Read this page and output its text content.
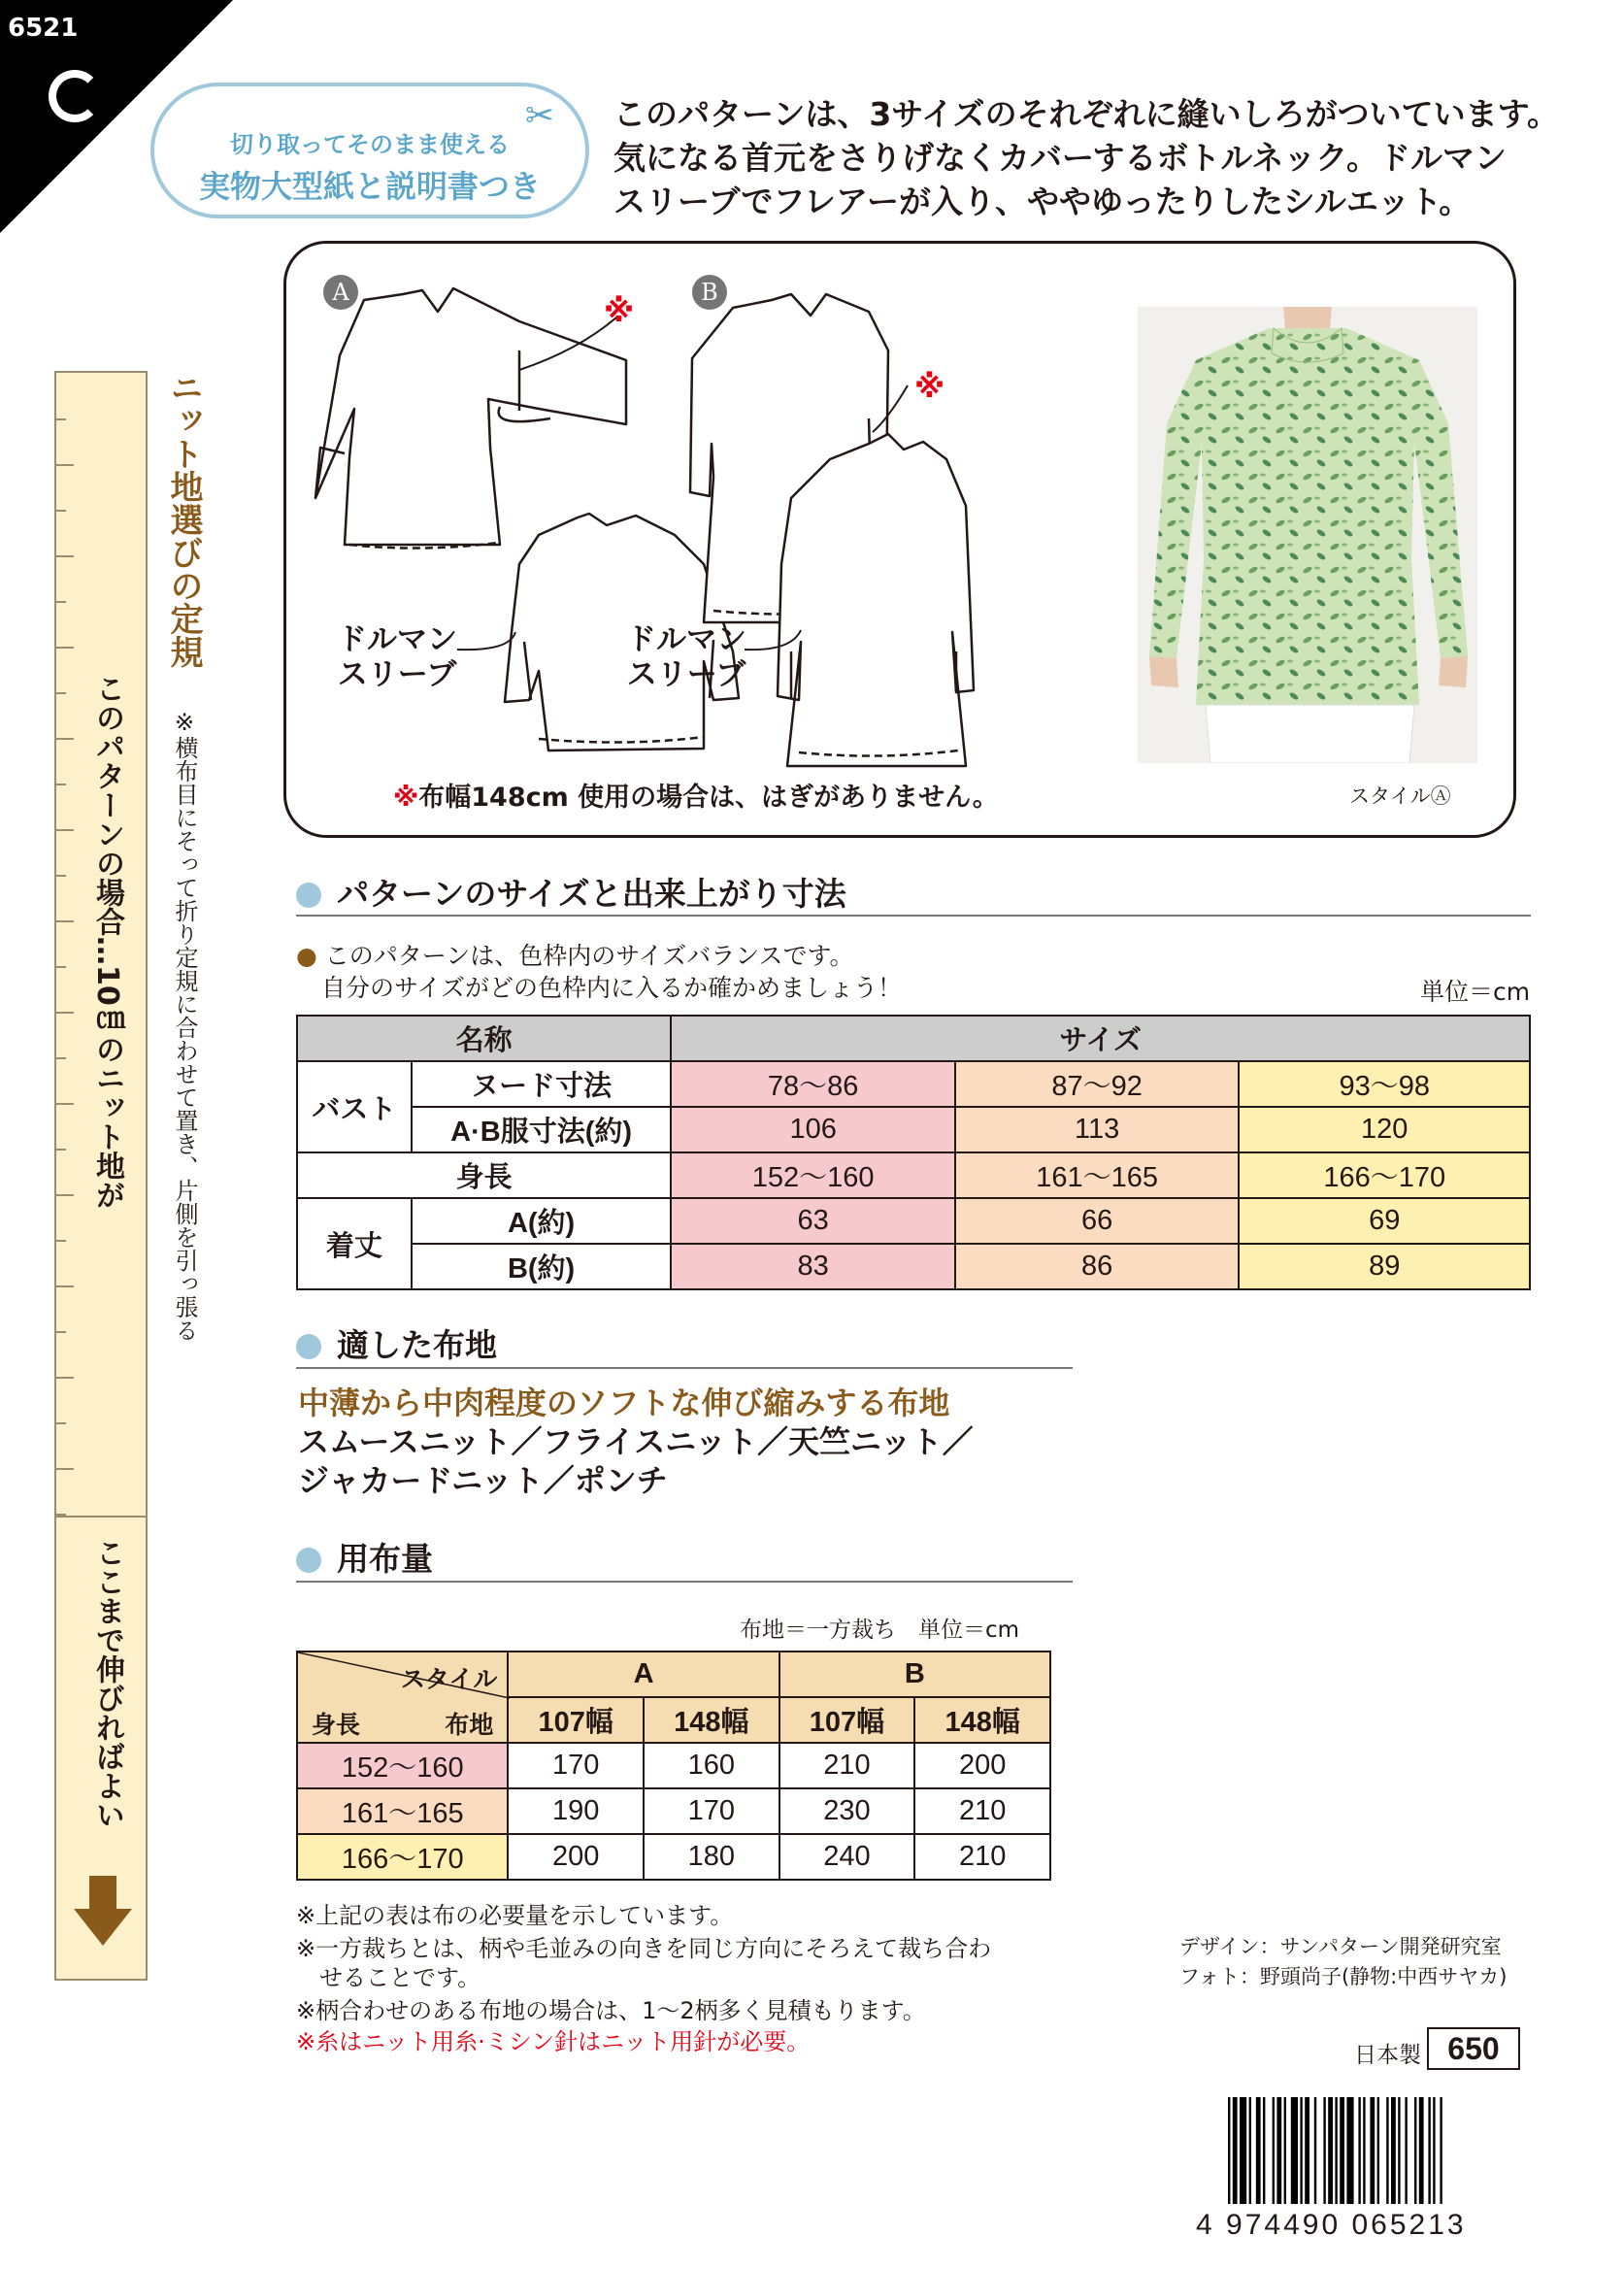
6521
✂
切り取ってそのまま使える
実物大型紙と説明書つき
このパターンは、3サイズのそれぞれに縫いしろがついています。
気になる首元をさりげなくカバーするボトルネック。ドルマン
スリーブでフレアーが入り、ややゆったりしたシルエット。
A	B
※
※
ドルマン
スリーブ
ドルマン
スリーブ
※布幅148cm 使用の場合は、はぎがありません。	スタイルⒶ
このパターンの場合…10㎝のニット地が
ここまで伸びればよい
ニット地選びの定規
※横布目にそって折り定規に合わせて置き、片側を引っ張る	パターンのサイズと出来上がり寸法
● このパターンは、色枠内のサイズバランスです。
自分のサイズがどの色枠内に入るか確かめましょう！	単位＝cm
名称		サイズ		
バスト	ヌード寸法	78〜86	87〜92	93〜98
	A·B服寸法(約)	106	113	120
身長		152〜160	161〜165	166〜170
着丈	A(約)	63	66	69
	B(約)	83	86	89
適した布地
中薄から中肉程度のソフトな伸び縮みする布地
スムースニット／フライスニット／天竺ニット／
ジャカードニット／ポンチ
用布量
布地＝一方裁ち　単位＝cm
スタイル
身長 布地	A		B	
	107幅	148幅	107幅	148幅
152〜160	170	160	210	200
161〜165	190	170	230	210
166〜170	200	180	240	210
※上記の表は布の必要量を示しています。
※一方裁ちとは、柄や毛並みの向きを同じ方向にそろえて裁ち合わ
　せることです。
※柄合わせのある布地の場合は、1〜2柄多く見積もります。
※糸はニット用糸·ミシン針はニット用針が必要。
デザイン：サンパターン開発研究室
フォト：野頭尚子(静物:中西サヤカ)
日本製 650
4 974490 065213
